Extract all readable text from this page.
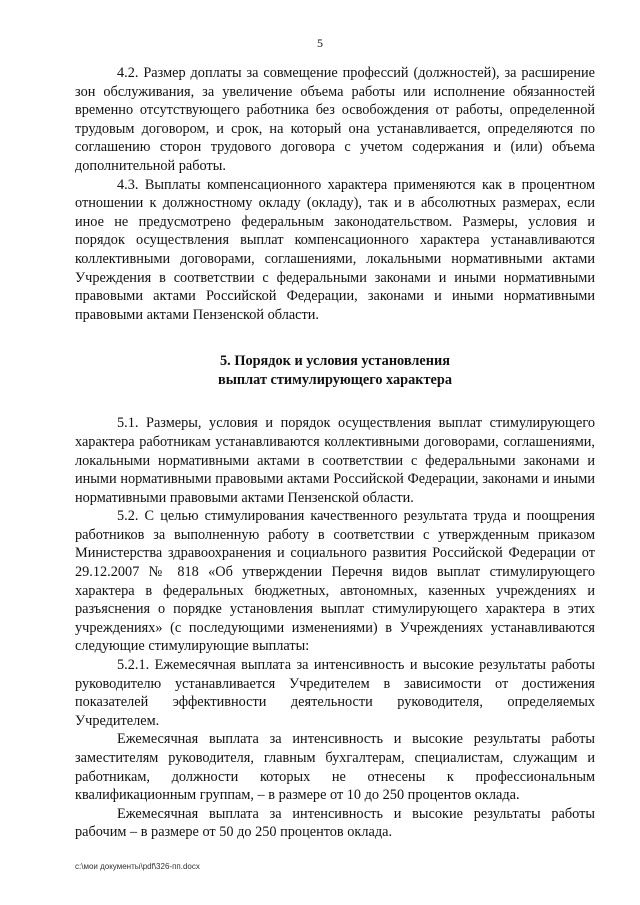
5

4.2. Размер доплаты за совмещение профессий (должностей), за расширение зон обслуживания, за увеличение объема работы или исполнение обязанностей временно отсутствующего работника без освобождения от работы, определенной трудовым договором, и срок, на который она устанавливается, определяются по соглашению сторон трудового договора с учетом содержания и (или) объема дополнительной работы.

4.3. Выплаты компенсационного характера применяются как в процентном отношении к должностному окладу (окладу), так и в абсолютных размерах, если иное не предусмотрено федеральным законодательством. Размеры, условия и порядок осуществления выплат компенсационного характера устанавливаются коллективными договорами, соглашениями, локальными нормативными актами Учреждения в соответствии с федеральными законами и иными нормативными правовыми актами Российской Федерации, законами и иными нормативными правовыми актами Пензенской области.

5. Порядок и условия установления
выплат стимулирующего характера

5.1. Размеры, условия и порядок осуществления выплат стимулирующего характера работникам устанавливаются коллективными договорами, соглашениями, локальными нормативными актами в соответствии с федеральными законами и иными нормативными правовыми актами Российской Федерации, законами и иными нормативными правовыми актами Пензенской области.

5.2. С целью стимулирования качественного результата труда и поощрения работников за выполненную работу в соответствии с утвержденным приказом Министерства здравоохранения и социального развития Российской Федерации от 29.12.2007 № 818 «Об утверждении Перечня видов выплат стимулирующего характера в федеральных бюджетных, автономных, казенных учреждениях и разъяснения о порядке установления выплат стимулирующего характера в этих учреждениях» (с последующими изменениями) в Учреждениях устанавливаются следующие стимулирующие выплаты:

5.2.1. Ежемесячная выплата за интенсивность и высокие результаты работы руководителю устанавливается Учредителем в зависимости от достижения показателей эффективности деятельности руководителя, определяемых Учредителем.

Ежемесячная выплата за интенсивность и высокие результаты работы заместителям руководителя, главным бухгалтерам, специалистам, служащим и работникам, должности которых не отнесены к профессиональным квалификационным группам, – в размере от 10 до 250 процентов оклада.

Ежемесячная выплата за интенсивность и высокие результаты работы рабочим – в размере от 50 до 250 процентов оклада.

c:\мои документы\pdf\326-пп.docx
